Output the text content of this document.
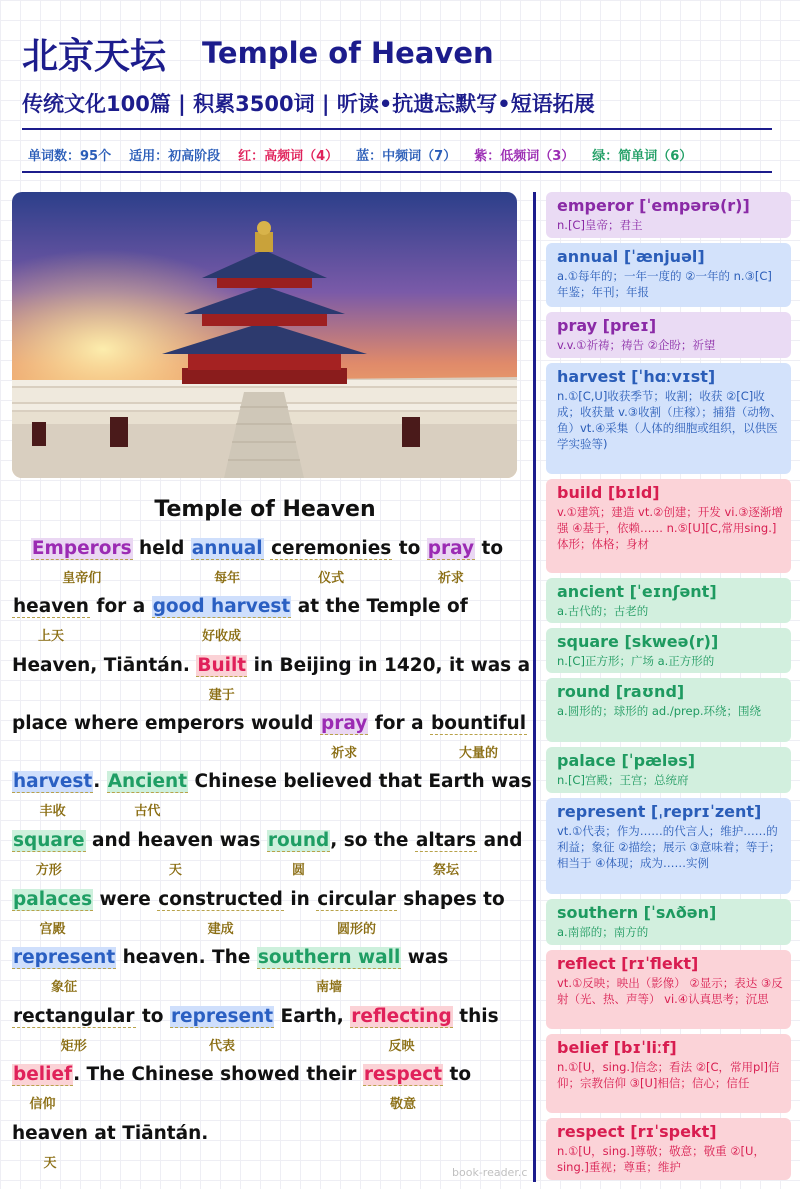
北京天坛 Temple of Heaven
传统文化100篇 | 积累3500词 | 听读•抗遗忘默写•短语拓展
单词数：95个 适用：初高阶段 红：高频词（4） 蓝：中频词（7） 紫：低频词（3） 绿：简单词（6）
Temple of Heaven
Emperors
皇帝们
held annual
每年
ceremonies
仪式
to pray
祈求
to
heaven
上天
for a good harvest
好收成
at the Temple of
Heaven, Tiāntán. Built
建于
in Beijing in 1420, it was a
place where emperors would pray
祈求
for a bountiful
大量的
harvest
丰收
. Ancient
古代
Chinese believed that Earth was
square
方形
and heaven
天
was round
圆
, so the altars
祭坛
and
palaces
宫殿
were constructed
建成
in circular
圆形的
shapes to
represent
象征
heaven. The southern wall
南墙
was
rectangular
矩形
to represent
代表
Earth, reflecting
反映
this
belief
信仰
. The Chinese showed their respect
敬意
to
heaven
天
at Tiāntán.
emperor [ˈempərə(r)]
n.[C]皇帝；君主
annual [ˈænjuəl]
a.①每年的；一年一度的 ②一年的 n.③[C]年鉴；年刊；年报
pray [preɪ]
v.v.①祈祷；祷告 ②企盼；祈望
harvest [ˈhɑːvɪst]
n.①[C,U]收获季节；收割；收获 ②[C]收成；收获量 v.③收割（庄稼）；捕猎（动物、鱼）vt.④采集（人体的细胞或组织，以供医学实验等)
build [bɪld]
v.①建筑；建造 vt.②创建；开发 vi.③逐渐增强 ④基于，依赖…… n.⑤[U][C,常用sing.]体形；体格；身材
ancient [ˈeɪnʃənt]
a.古代的；古老的
square [skweə(r)]
n.[C]正方形；广场 a.正方形的
round [raʊnd]
a.圆形的；球形的 ad./prep.环绕；围绕
palace [ˈpæləs]
n.[C]宫殿；王宫；总统府
represent [ˌreprɪˈzent]
vt.①代表；作为……的代言人；维护……的利益；象征 ②描绘；展示 ③意味着；等于；相当于 ④体现；成为……实例
southern [ˈsʌðən]
a.南部的；南方的
reflect [rɪˈflekt]
vt.①反映；映出（影像） ②显示；表达 ③反射（光、热、声等） vi.④认真思考；沉思
belief [bɪˈliːf]
n.①[U，sing.]信念；看法 ②[C，常用pl]信仰；宗教信仰 ③[U]相信；信心；信任
respect [rɪˈspekt]
n.①[U，sing.]尊敬；敬意；敬重 ②[U，sing.]重视；尊重；维护
book-reader.c
